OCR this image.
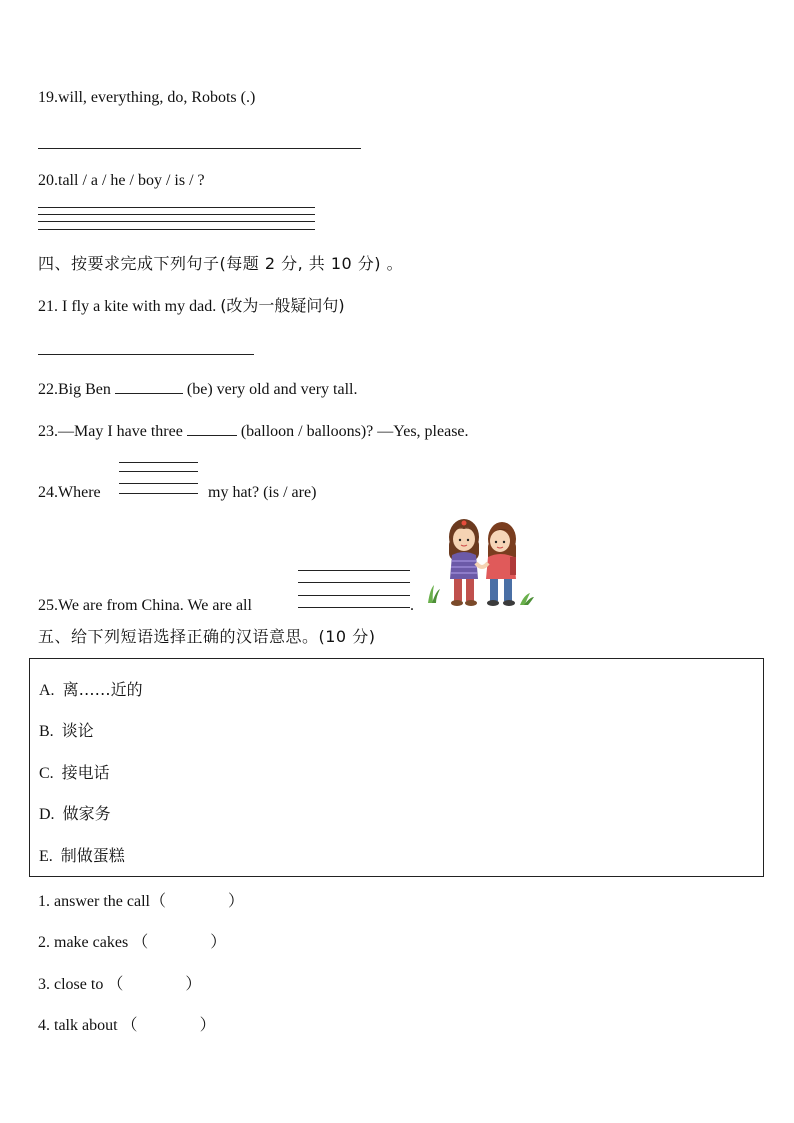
19.will, everything, do, Robots (.)
20.tall / a / he / boy / is / ?
四、按要求完成下列句子(每题 2 分, 共 10 分) 。
21. I fly a kite with my dad. (改为一般疑问句)
22.Big Ben	(be) very old and very tall.
23.—May I have three	(balloon / balloons)? —Yes, please.
24.Where	my hat? (is / are)
25.We are from China. We are all	.
五、给下列短语选择正确的汉语意思。(10 分)
A. 离……近的
B. 谈论
C. 接电话
D. 做家务
E. 制做蛋糕
1. answer the call（	）
2. make cakes （	）
3. close to （	）
4. talk about （	）
